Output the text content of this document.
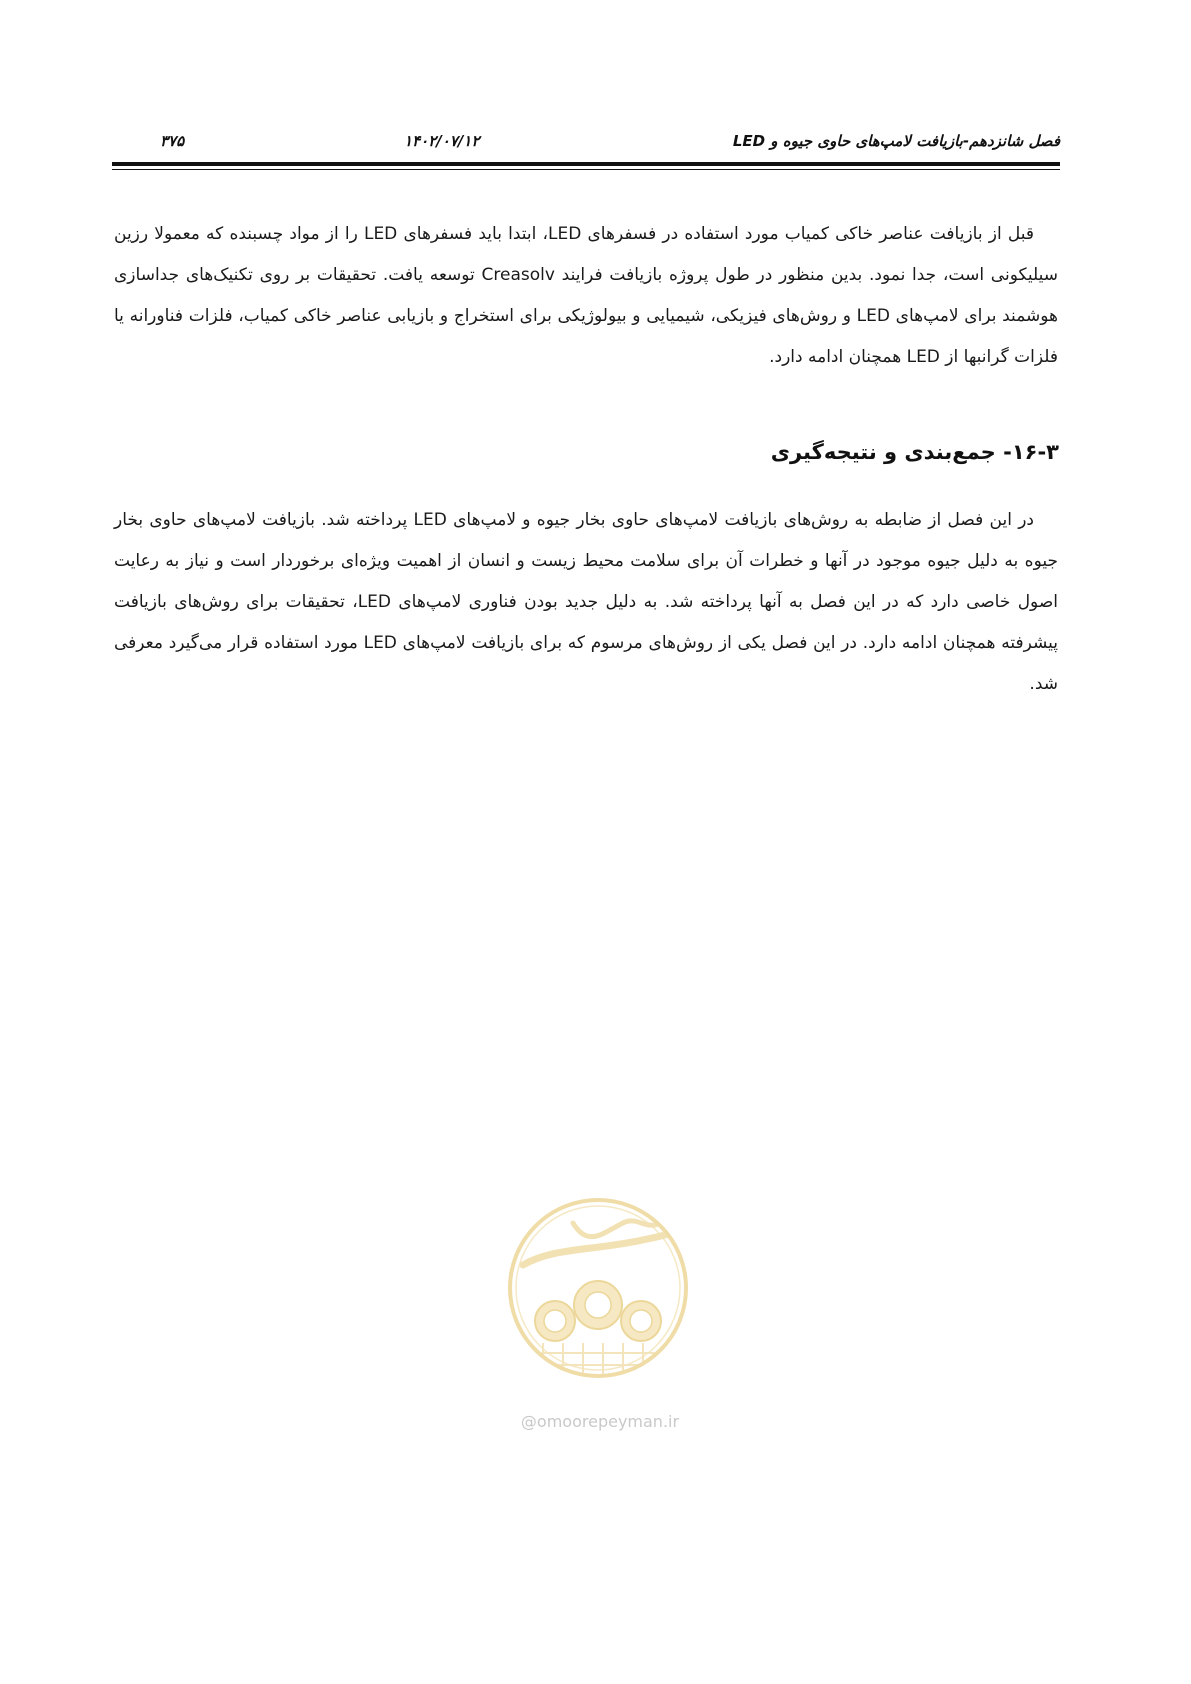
۳۷۵	۱۴۰۲/۰۷/۱۲	فصل شانزدهم-بازیافت لامپ‌های حاوی جیوه و LED
قبل از بازیافت عناصر خاکی کمیاب مورد استفاده در فسفرهای LED، ابتدا باید فسفرهای LED را از مواد چسبنده که معمولا رزین سیلیکونی است، جدا نمود. بدین منظور در طول پروژه بازیافت فرایند Creasolv توسعه یافت. تحقیقات بر روی تکنیک‌های جداسازی هوشمند برای لامپ‌های LED و روش‌های فیزیکی، شیمیایی و بیولوژیکی برای استخراج و بازیابی عناصر خاکی کمیاب، فلزات فناورانه یا فلزات گرانبها از LED همچنان ادامه دارد.
۱۶-۳- جمع‌بندی و نتیجه‌گیری
در این فصل از ضابطه به روش‌های بازیافت لامپ‌های حاوی بخار جیوه و لامپ‌های LED پرداخته شد. بازیافت لامپ‌های حاوی بخار جیوه به دلیل جیوه موجود در آنها و خطرات آن برای سلامت محیط زیست و انسان از اهمیت ویژه‌ای برخوردار است و نیاز به رعایت اصول خاصی دارد که در این فصل به آنها پرداخته شد. به دلیل جدید بودن فناوری لامپ‌های LED، تحقیقات برای روش‌های بازیافت پیشرفته همچنان ادامه دارد. در این فصل یکی از روش‌های مرسوم که برای بازیافت لامپ‌های LED مورد استفاده قرار می‌گیرد معرفی شد.
@omoorepeyman.ir
